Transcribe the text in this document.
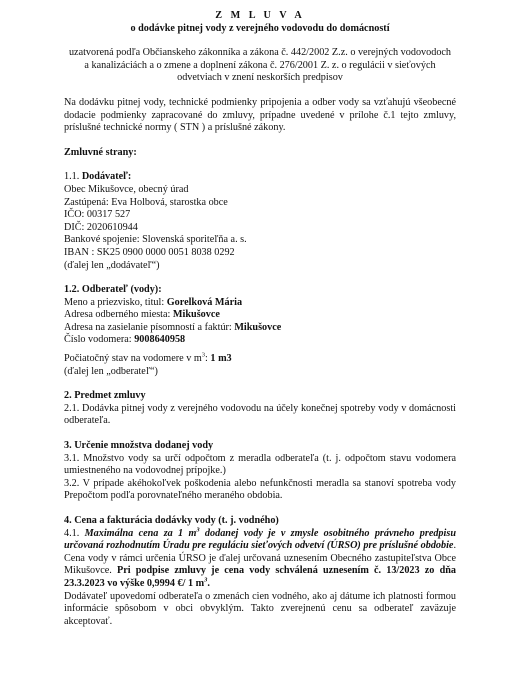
Z M L U V A

o dodávke pitnej vody z verejného vodovodu do domácností

uzatvorená podľa Občianskeho zákonníka a zákona č. 442/2002 Z.z. o verejných vodovodoch

a kanalizáciách a o zmene a doplnení zákona č. 276/2001 Z. z. o regulácii v sieťových

odvetviach v znení neskorších predpisov

Na dodávku pitnej vody, technické podmienky pripojenia a odber vody sa vzťahujú všeobecné dodacie podmienky zapracované do zmluvy, prípadne uvedené v prílohe č.1 tejto zmluvy, príslušné technické normy ( STN ) a príslušné zákony.

Zmluvné strany:

1.1. Dodávateľ:

Obec Mikušovce, obecný úrad

Zastúpená: Eva Holbová, starostka obce

IČO: 00317 527

DIČ: 2020610944

Bankové spojenie: Slovenská sporiteľňa a. s.

IBAN : SK25 0900 0000 0051 8038 0292

(ďalej len „dodávateľ“)

1.2. Odberateľ (vody):

Meno a priezvisko, titul: Gorelková Mária

Adresa odberného miesta: Mikušovce

Adresa na zasielanie písomností a faktúr: Mikušovce

Číslo vodomera: 9008640958

Počiatočný stav na vodomere v $m^3$: 1 m3

(ďalej len „odberateľ“)

2. Predmet zmluvy

2.1. Dodávka pitnej vody z verejného vodovodu na účely konečnej spotreby vody v domácnosti odberateľa.

3. Určenie množstva dodanej vody

3.1. Množstvo vody sa určí odpočtom z meradla odberateľa (t. j. odpočtom stavu vodomera umiestneného na vodovodnej prípojke.)

3.2. V prípade akéhokoľvek poškodenia alebo nefunkčnosti meradla sa stanoví spotreba vody Prepočtom podľa porovnateľného meraného obdobia.

4. Cena a fakturácia dodávky vody (t. j. vodného)

4.1. Maximálna cena za 1 $m^3$ dodanej vody je v zmysle osobitného právneho predpisu určovaná rozhodnutím Úradu pre reguláciu sieťových odvetví (ÚRSO) pre príslušné obdobie. Cena vody v rámci určenia ÚRSO je ďalej určovaná uznesením Obecného zastupiteľstva Obce Mikušovce. Pri podpise zmluvy je cena vody schválená uznesením č. 13/2023 zo dňa 23.3.2023 vo výške 0,9994 €/ 1 $m^3$.

Dodávateľ upovedomí odberateľa o zmenách cien vodného, ako aj dátume ich platnosti formou informácie spôsobom v obci obvyklým. Takto zverejnenú cenu sa odberateľ zaväzuje akceptovať.
